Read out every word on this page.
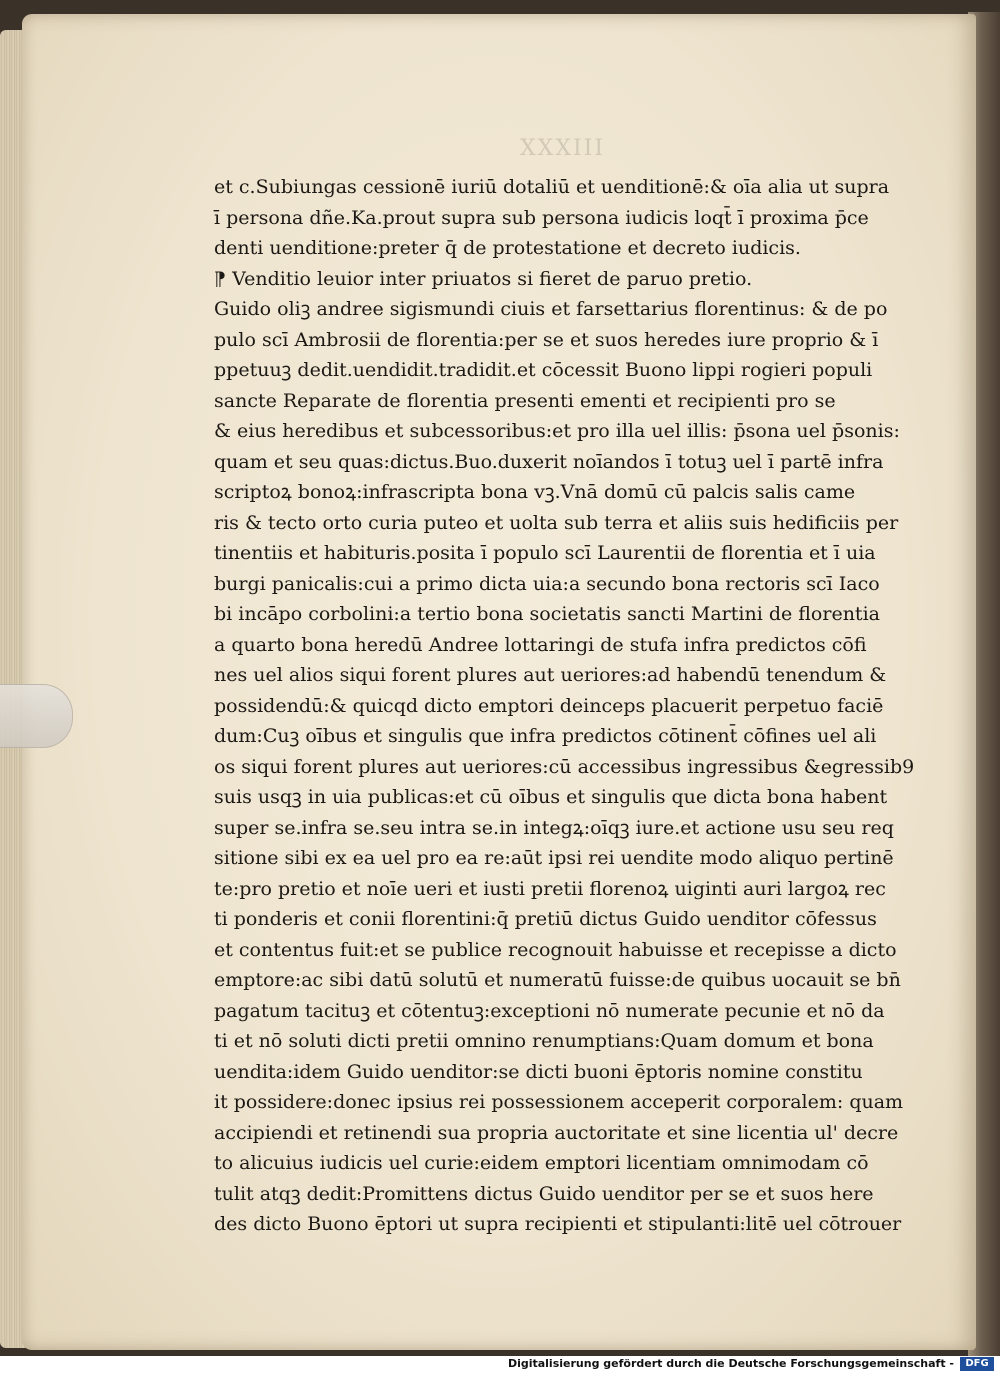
XXXIII
et c.Subiungas cessionē iuriū dotaliū et uenditionē:& oīa alia ut supra
ī persona dñe.Ka.prout supra sub persona iudicis loqt̄ ī proxima p̄ce
denti uenditione:preter q̄ de protestatione et decreto iudicis.
⁋ Venditio leuior inter priuatos si fieret de paruo pretio.
Guido oliꝫ andree sigismundi ciuis et farsettarius florentinus: & de po
pulo scī Ambrosii de florentia:per se et suos heredes iure proprio & ī
ppetuuꝫ dedit.uendidit.tradidit.et cōcessit Buono lippi rogieri populi
sancte Reparate de florentia presenti ementi et recipienti pro se
& eius heredibus et subcessoribus:et pro illa uel illis: p̄sona uel p̄sonis:
quam et seu quas:dictus.Buo.duxerit noīandos ī totuꝫ uel ī partē infra
scriptoꝝ bonoꝝ:infrascripta bona vꝫ.Vnā domū cū palcis salis came
ris & tecto orto curia puteo et uolta sub terra et aliis suis hedificiis per
tinentiis et habituris.posita ī populo scī Laurentii de florentia et ī uia
burgi panicalis:cui a primo dicta uia:a secundo bona rectoris scī Iaco
bi incāpo corbolini:a tertio bona societatis sancti Martini de florentia
a quarto bona heredū Andree lottaringi de stufa infra predictos cōfi
nes uel alios siqui forent plures aut ueriores:ad habendū tenendum &
possidendū:& quicqd dicto emptori deinceps placuerit perpetuo faciē
dum:Cuꝫ oībus et singulis que infra predictos cōtinent̄ cōfines uel ali
os siqui forent plures aut ueriores:cū accessibus ingressibus &egressib9
suis usqꝫ in uia publicas:et cū oībus et singulis que dicta bona habent
super se.infra se.seu intra se.in integꝝ:oīqꝫ iure.et actione usu seu req
sitione sibi ex ea uel pro ea re:aūt ipsi rei uendite modo aliquo pertinē
te:pro pretio et noīe ueri et iusti pretii florenoꝝ uiginti auri largoꝝ rec
ti ponderis et conii florentini:q̄ pretiū dictus Guido uenditor cōfessus
et contentus fuit:et se publice recognouit habuisse et recepisse a dicto
emptore:ac sibi datū solutū et numeratū fuisse:de quibus uocauit se bn̄
pagatum tacituꝫ et cōtentuꝫ:exceptioni nō numerate pecunie et nō da
ti et nō soluti dicti pretii omnino renumptians:Quam domum et bona
uendita:idem Guido uenditor:se dicti buoni ēptoris nomine constitu
it possidere:donec ipsius rei possessionem acceperit corporalem: quam
accipiendi et retinendi sua propria auctoritate et sine licentia ul' decre
to alicuius iudicis uel curie:eidem emptori licentiam omnimodam cō
tulit atqꝫ dedit:Promittens dictus Guido uenditor per se et suos here
des dicto Buono ēptori ut supra recipienti et stipulanti:litē uel cōtrouer
Digitalisierung gefördert durch die Deutsche Forschungsgemeinschaft -	DFG
